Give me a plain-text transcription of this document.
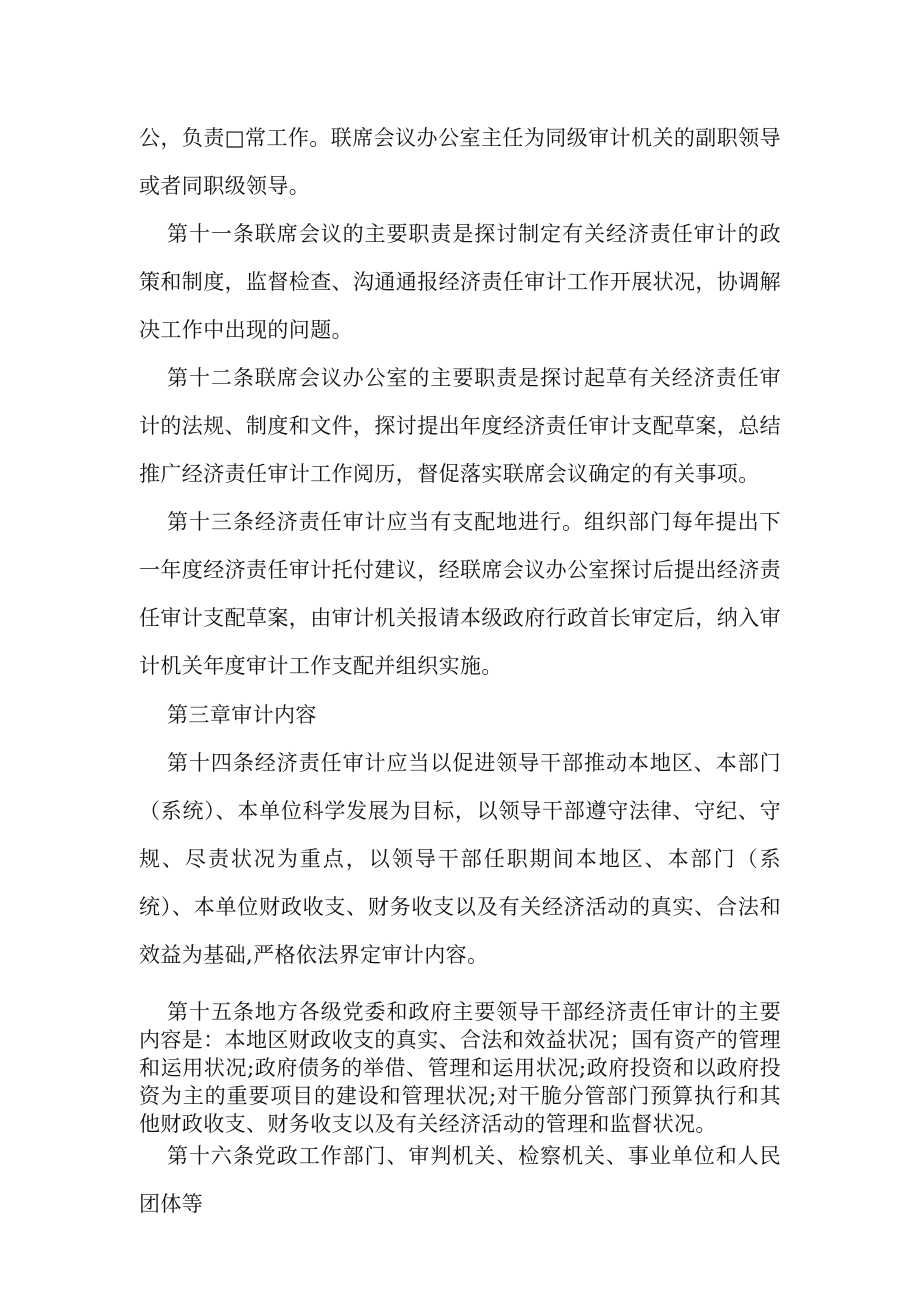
公，负责□常工作。联席会议办公室主任为同级审计机关的副职领导或者同职级领导。

第十一条联席会议的主要职责是探讨制定有关经济责任审计的政策和制度，监督检查、沟通通报经济责任审计工作开展状况，协调解决工作中出现的问题。

第十二条联席会议办公室的主要职责是探讨起草有关经济责任审计的法规、制度和文件，探讨提出年度经济责任审计支配草案，总结推广经济责任审计工作阅历，督促落实联席会议确定的有关事项。

第十三条经济责任审计应当有支配地进行。组织部门每年提出下一年度经济责任审计托付建议，经联席会议办公室探讨后提出经济责任审计支配草案，由审计机关报请本级政府行政首长审定后，纳入审计机关年度审计工作支配并组织实施。

第三章审计内容

第十四条经济责任审计应当以促进领导干部推动本地区、本部门（系统）、本单位科学发展为目标，以领导干部遵守法律、守纪、守规、尽责状况为重点，以领导干部任职期间本地区、本部门（系统）、本单位财政收支、财务收支以及有关经济活动的真实、合法和效益为基础,严格依法界定审计内容。

第十五条地方各级党委和政府主要领导干部经济责任审计的主要内容是：本地区财政收支的真实、合法和效益状况；国有资产的管理和运用状况;政府债务的举借、管理和运用状况;政府投资和以政府投资为主的重要项目的建设和管理状况;对干脆分管部门预算执行和其他财政收支、财务收支以及有关经济活动的管理和监督状况。

第十六条党政工作部门、审判机关、检察机关、事业单位和人民团体等
